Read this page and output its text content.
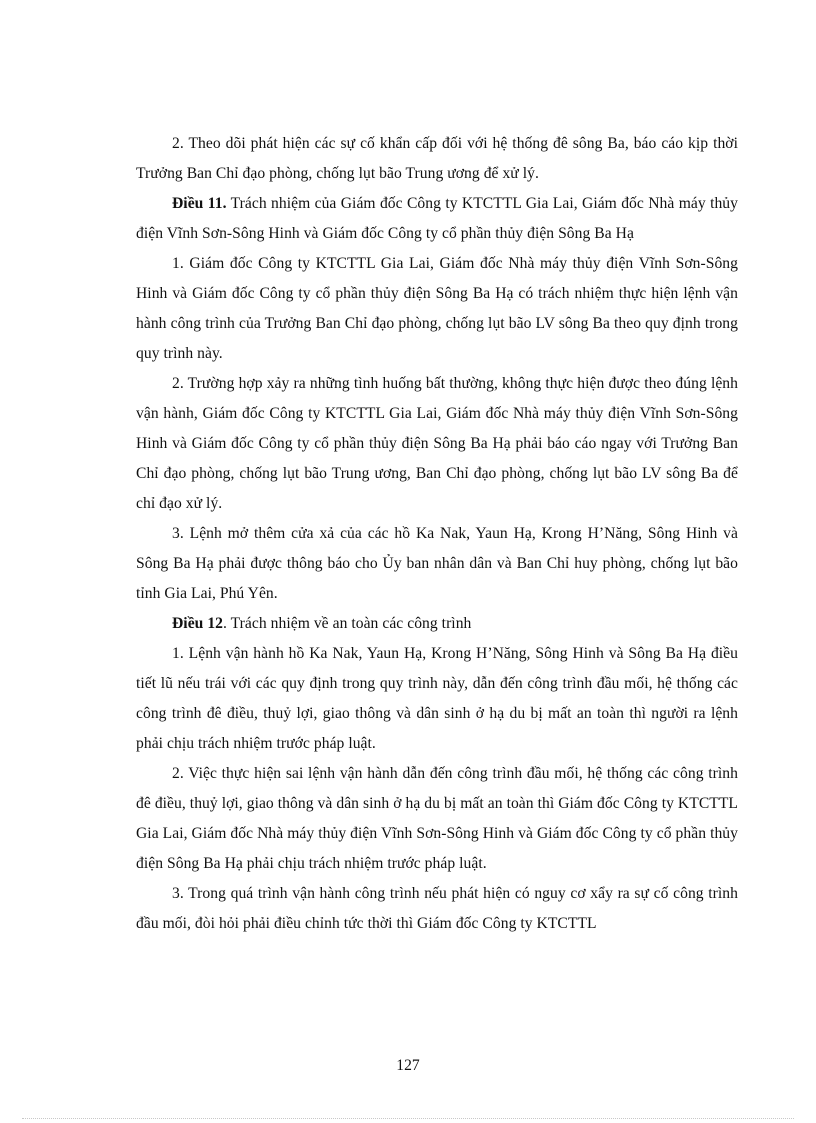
2. Theo dõi phát hiện các sự cố khẩn cấp đối với hệ thống đê sông Ba, báo cáo kịp thời Trưởng Ban Chỉ đạo phòng, chống lụt bão Trung ương để xử lý.

Điều 11. Trách nhiệm của Giám đốc Công ty KTCTTL Gia Lai, Giám đốc Nhà máy thủy điện Vĩnh Sơn-Sông Hinh và Giám đốc Công ty cổ phần thủy điện Sông Ba Hạ

1. Giám đốc Công ty KTCTTL Gia Lai, Giám đốc Nhà máy thủy điện Vĩnh Sơn-Sông Hinh và Giám đốc Công ty cổ phần thủy điện Sông Ba Hạ có trách nhiệm thực hiện lệnh vận hành công trình của Trưởng Ban Chỉ đạo phòng, chống lụt bão LV sông Ba theo quy định trong quy trình này.

2. Trường hợp xảy ra những tình huống bất thường, không thực hiện được theo đúng lệnh vận hành, Giám đốc Công ty KTCTTL Gia Lai, Giám đốc Nhà máy thủy điện Vĩnh Sơn-Sông Hinh và Giám đốc Công ty cổ phần thủy điện Sông Ba Hạ phải báo cáo ngay với Trưởng Ban Chỉ đạo phòng, chống lụt bão Trung ương, Ban Chỉ đạo phòng, chống lụt bão LV sông Ba để chỉ đạo xử lý.

3. Lệnh mở thêm cửa xả của các hồ Ka Nak, Yaun Hạ, Krong H’Năng, Sông Hinh và Sông Ba Hạ phải được thông báo cho Ủy ban nhân dân và Ban Chỉ huy phòng, chống lụt bão tỉnh Gia Lai, Phú Yên.

Điều 12. Trách nhiệm về an toàn các công trình

1. Lệnh vận hành hồ Ka Nak, Yaun Hạ, Krong H’Năng, Sông Hinh và Sông Ba Hạ điều tiết lũ nếu trái với các quy định trong quy trình này, dẫn đến công trình đầu mối, hệ thống các công trình đê điều, thuỷ lợi, giao thông và dân sinh ở hạ du bị mất an toàn thì người ra lệnh phải chịu trách nhiệm trước pháp luật.

2. Việc thực hiện sai lệnh vận hành dẫn đến công trình đầu mối, hệ thống các công trình đê điều, thuỷ lợi, giao thông và dân sinh ở hạ du bị mất an toàn thì Giám đốc Công ty KTCTTL Gia Lai, Giám đốc Nhà máy thủy điện Vĩnh Sơn-Sông Hinh và Giám đốc Công ty cổ phần thủy điện Sông Ba Hạ phải chịu trách nhiệm trước pháp luật.

3. Trong quá trình vận hành công trình nếu phát hiện có nguy cơ xẩy ra sự cố công trình đầu mối, đòi hỏi phải điều chỉnh tức thời thì Giám đốc Công ty KTCTTL

127
